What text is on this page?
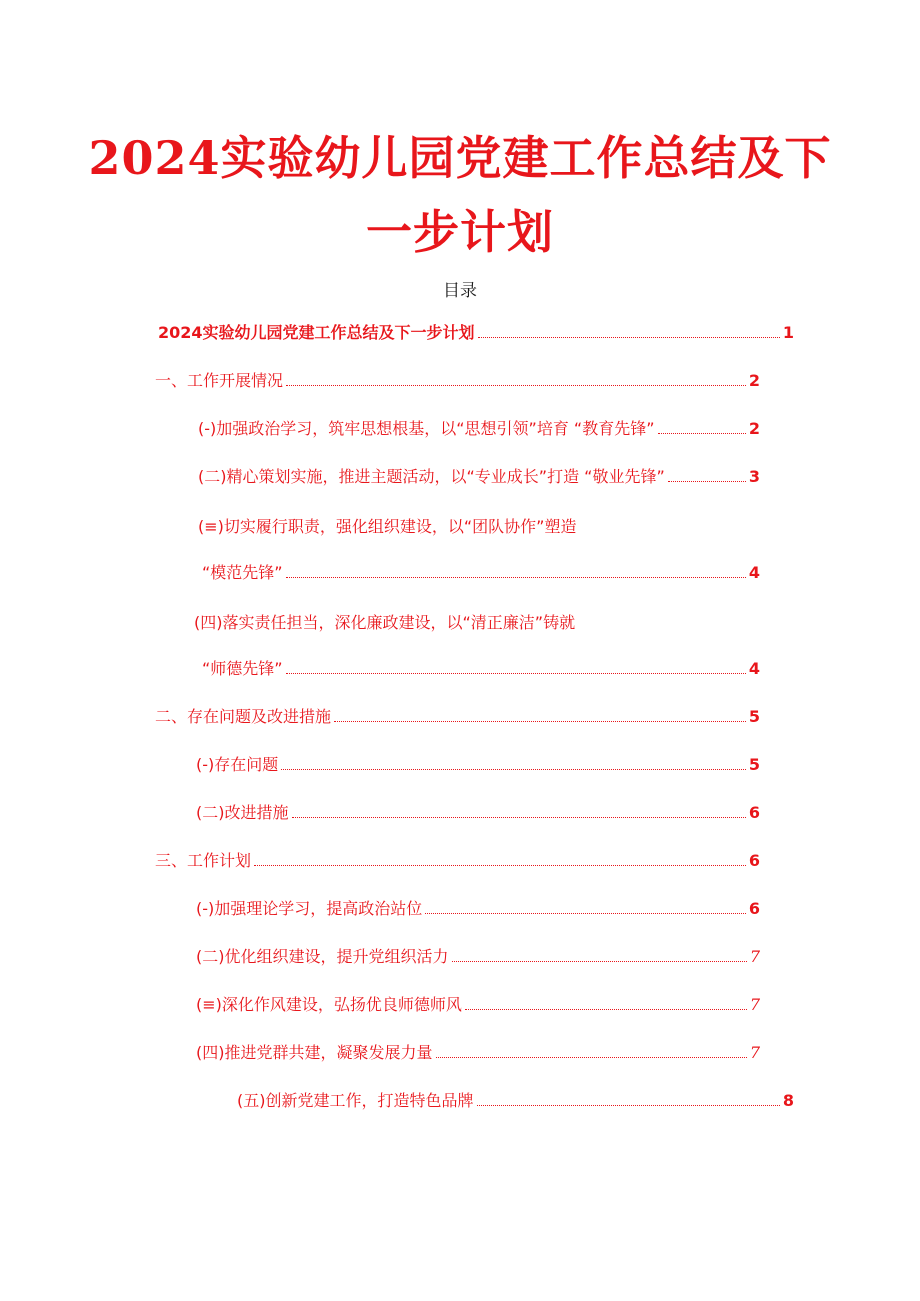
2024实验幼儿园党建工作总结及下
一步计划
目录
2024实验幼儿园党建工作总结及下一步计划	1
一、工作开展情况	2
(-)加强政治学习，筑牢思想根基，以“思想引领”培育 “教育先锋”	2
(二)精心策划实施，推进主题活动，以“专业成长”打造 “敬业先锋”	3
(≡)切实履行职责，强化组织建设，以“团队协作”塑造
“模范先锋”	4
(四)落实责任担当，深化廉政建设，以“清正廉洁”铸就
“师德先锋”	4
二、存在问题及改进措施	5
(-)存在问题	5
(二)改进措施	6
三、工作计划	6
(-)加强理论学习，提高政治站位	6
(二)优化组织建设，提升党组织活力	7
(≡)深化作风建设，弘扬优良师德师风	7
(四)推进党群共建，凝聚发展力量	7
(五)创新党建工作，打造特色品牌	8
